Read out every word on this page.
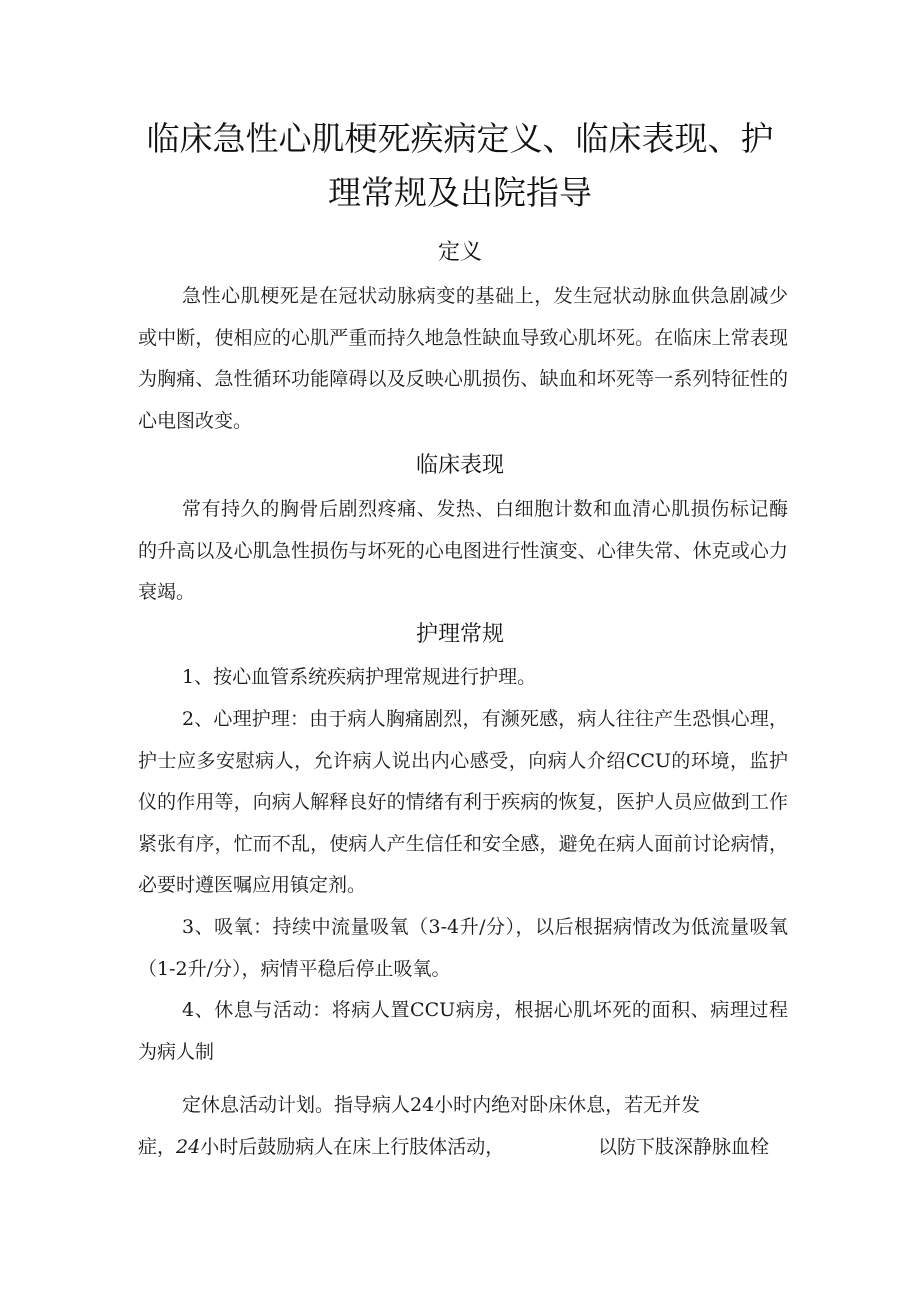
临床急性心肌梗死疾病定义、临床表现、护
理常规及出院指导
定义

急性心肌梗死是在冠状动脉病变的基础上，发生冠状动脉血供急剧减少或中断，使相应的心肌严重而持久地急性缺血导致心肌坏死。在临床上常表现为胸痛、急性循环功能障碍以及反映心肌损伤、缺血和坏死等一系列特征性的心电图改变。

临床表现

常有持久的胸骨后剧烈疼痛、发热、白细胞计数和血清心肌损伤标记酶的升高以及心肌急性损伤与坏死的心电图进行性演变、心律失常、休克或心力衰竭。

护理常规

1、按心血管系统疾病护理常规进行护理。

2、心理护理：由于病人胸痛剧烈，有濒死感，病人往往产生恐惧心理，护士应多安慰病人，允许病人说出内心感受，向病人介绍CCU的环境，监护仪的作用等，向病人解释良好的情绪有利于疾病的恢复，医护人员应做到工作紧张有序，忙而不乱，使病人产生信任和安全感，避免在病人面前讨论病情，必要时遵医嘱应用镇定剂。

3、吸氧：持续中流量吸氧（3-4升/分），以后根据病情改为低流量吸氧（1-2升/分），病情平稳后停止吸氧。

4、休息与活动：将病人置CCU病房，根据心肌坏死的面积、病理过程为病人制

定休息活动计划。指导病人24小时内绝对卧床休息，若无并发
症，24小时后鼓励病人在床上行肢体活动，	以防下肢深静脉血栓
